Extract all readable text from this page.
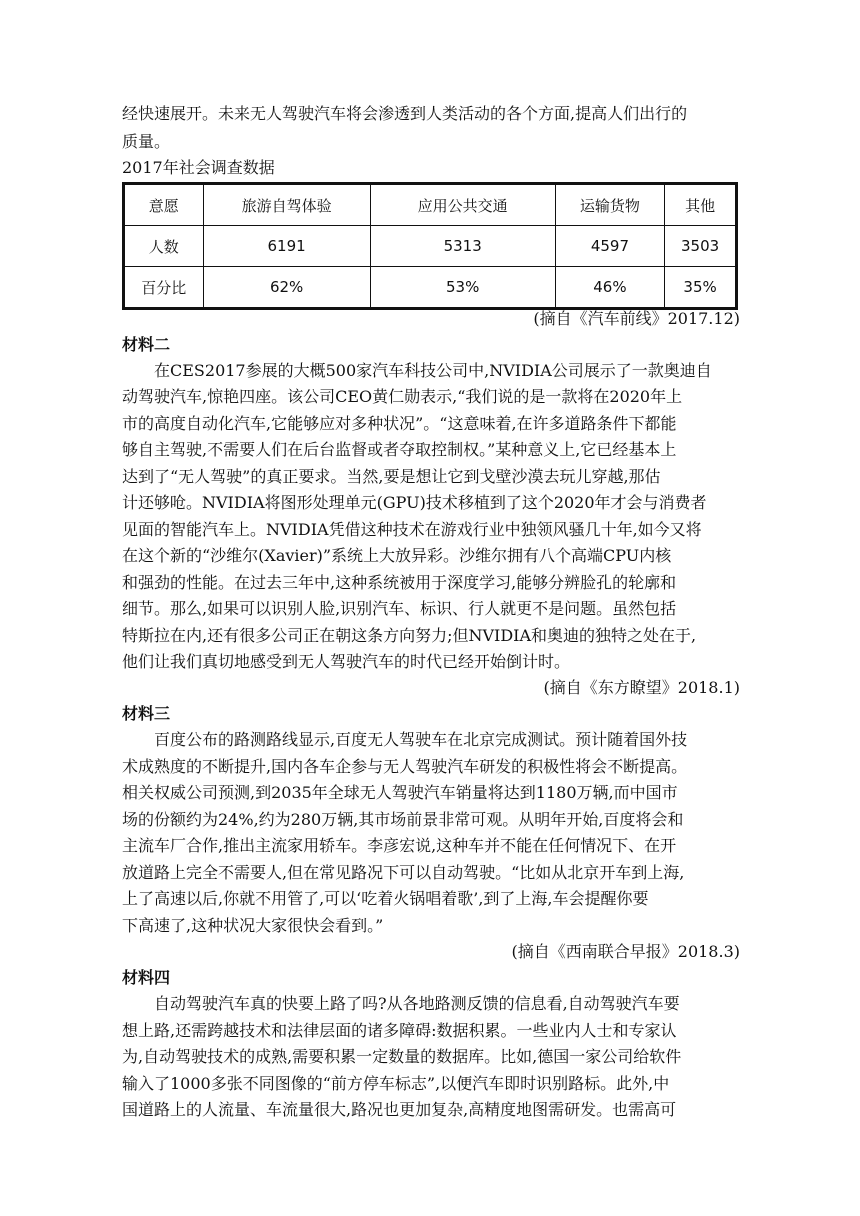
经快速展开。未来无人驾驶汽车将会渗透到人类活动的各个方面,提高人们出行的
质量。
2017年社会调查数据
意愿	旅游自驾体验	应用公共交通	运输货物	其他
人数	6191	5313	4597	3503
百分比	62%	53%	46%	35%
(摘自《汽车前线》2017.12)
材料二
在CES2017参展的大概500家汽车科技公司中,NVIDIA公司展示了一款奥迪自
动驾驶汽车,惊艳四座。该公司CEO黄仁勋表示,“我们说的是一款将在2020年上
市的高度自动化汽车,它能够应对多种状况”。“这意味着,在许多道路条件下都能
够自主驾驶,不需要人们在后台监督或者夺取控制权。”某种意义上,它已经基本上
达到了“无人驾驶”的真正要求。当然,要是想让它到戈壁沙漠去玩儿穿越,那估
计还够呛。NVIDIA将图形处理单元(GPU)技术移植到了这个2020年才会与消费者
见面的智能汽车上。NVIDIA凭借这种技术在游戏行业中独领风骚几十年,如今又将
在这个新的“沙维尔(Xavier)”系统上大放异彩。沙维尔拥有八个高端CPU内核
和强劲的性能。在过去三年中,这种系统被用于深度学习,能够分辨脸孔的轮廓和
细节。那么,如果可以识别人脸,识别汽车、标识、行人就更不是问题。虽然包括
特斯拉在内,还有很多公司正在朝这条方向努力;但NVIDIA和奥迪的独特之处在于,
他们让我们真切地感受到无人驾驶汽车的时代已经开始倒计时。
(摘自《东方瞭望》2018.1)
材料三
百度公布的路测路线显示,百度无人驾驶车在北京完成测试。预计随着国外技
术成熟度的不断提升,国内各车企参与无人驾驶汽车研发的积极性将会不断提高。
相关权威公司预测,到2035年全球无人驾驶汽车销量将达到1180万辆,而中国市
场的份额约为24%,约为280万辆,其市场前景非常可观。从明年开始,百度将会和
主流车厂合作,推出主流家用轿车。李彦宏说,这种车并不能在任何情况下、在开
放道路上完全不需要人,但在常见路况下可以自动驾驶。“比如从北京开车到上海,
上了高速以后,你就不用管了,可以‘吃着火锅唱着歌’,到了上海,车会提醒你要
下高速了,这种状况大家很快会看到。”
(摘自《西南联合早报》2018.3)
材料四
自动驾驶汽车真的快要上路了吗?从各地路测反馈的信息看,自动驾驶汽车要
想上路,还需跨越技术和法律层面的诸多障碍:数据积累。一些业内人士和专家认
为,自动驾驶技术的成熟,需要积累一定数量的数据库。比如,德国一家公司给软件
输入了1000多张不同图像的“前方停车标志”,以便汽车即时识别路标。此外,中
国道路上的人流量、车流量很大,路况也更加复杂,高精度地图需研发。也需高可
